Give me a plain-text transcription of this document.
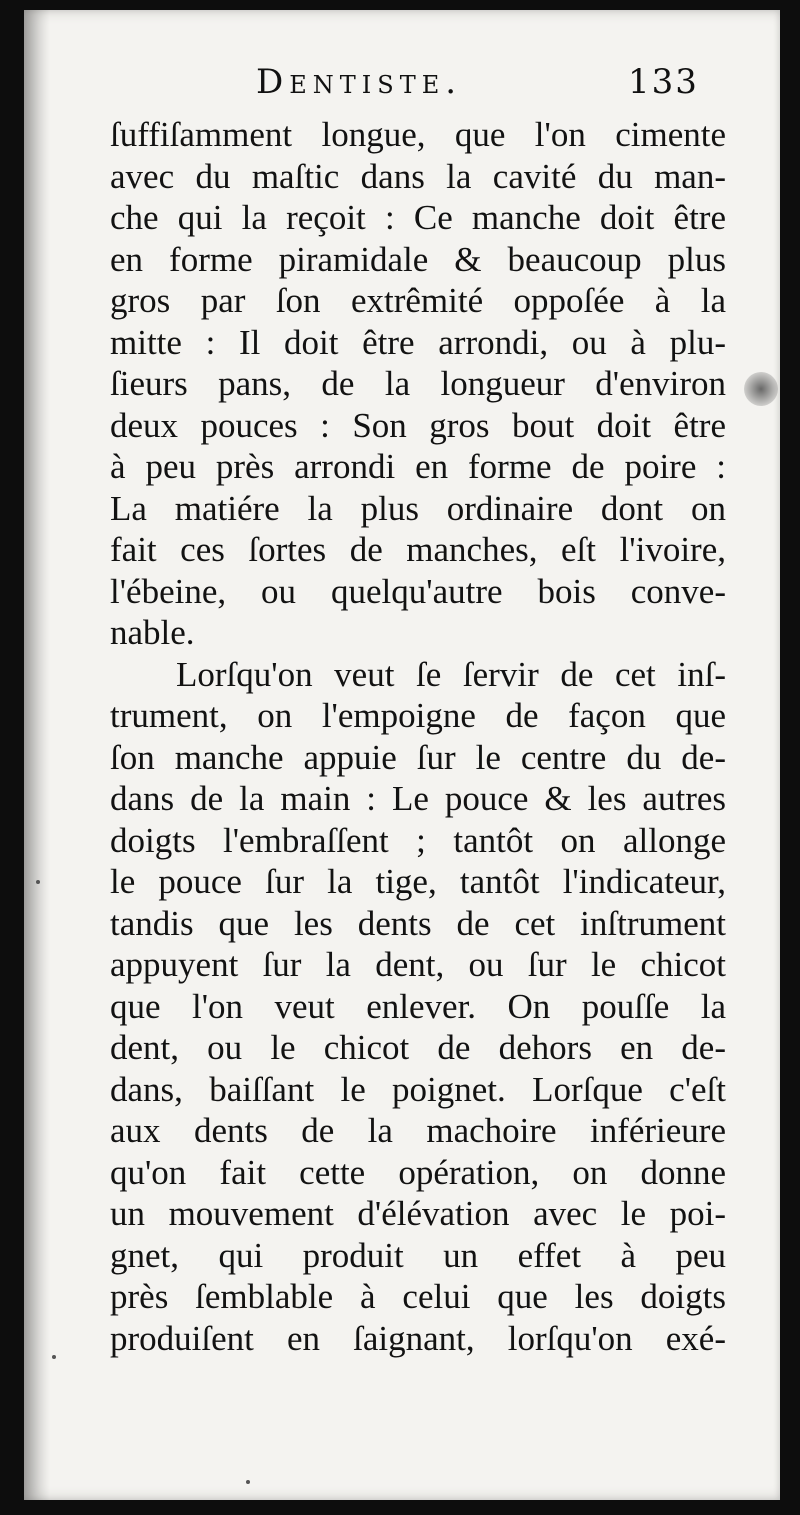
Dentiste.	133
ſuffiſamment longue, que l'on cimente
avec du maſtic dans la cavité du man-
che qui la reçoit : Ce manche doit être
en forme piramidale & beaucoup plus
gros par ſon extrêmité oppoſée à la
mitte : Il doit être arrondi, ou à plu-
ſieurs pans, de la longueur d'environ
deux pouces : Son gros bout doit être
à peu près arrondi en forme de poire :
La matiére la plus ordinaire dont on
fait ces ſortes de manches, eſt l'ivoire,
l'ébeine, ou quelqu'autre bois conve-
nable.
Lorſqu'on veut ſe ſervir de cet inſ-
trument, on l'empoigne de façon que
ſon manche appuie ſur le centre du de-
dans de la main : Le pouce & les autres
doigts l'embraſſent ; tantôt on allonge
le pouce ſur la tige, tantôt l'indicateur,
tandis que les dents de cet inſtrument
appuyent ſur la dent, ou ſur le chicot
que l'on veut enlever. On pouſſe la
dent, ou le chicot de dehors en de-
dans, baiſſant le poignet. Lorſque c'eſt
aux dents de la machoire inférieure
qu'on fait cette opération, on donne
un mouvement d'élévation avec le poi-
gnet, qui produit un effet à peu
près ſemblable à celui que les doigts
produiſent en ſaignant, lorſqu'on exé-
